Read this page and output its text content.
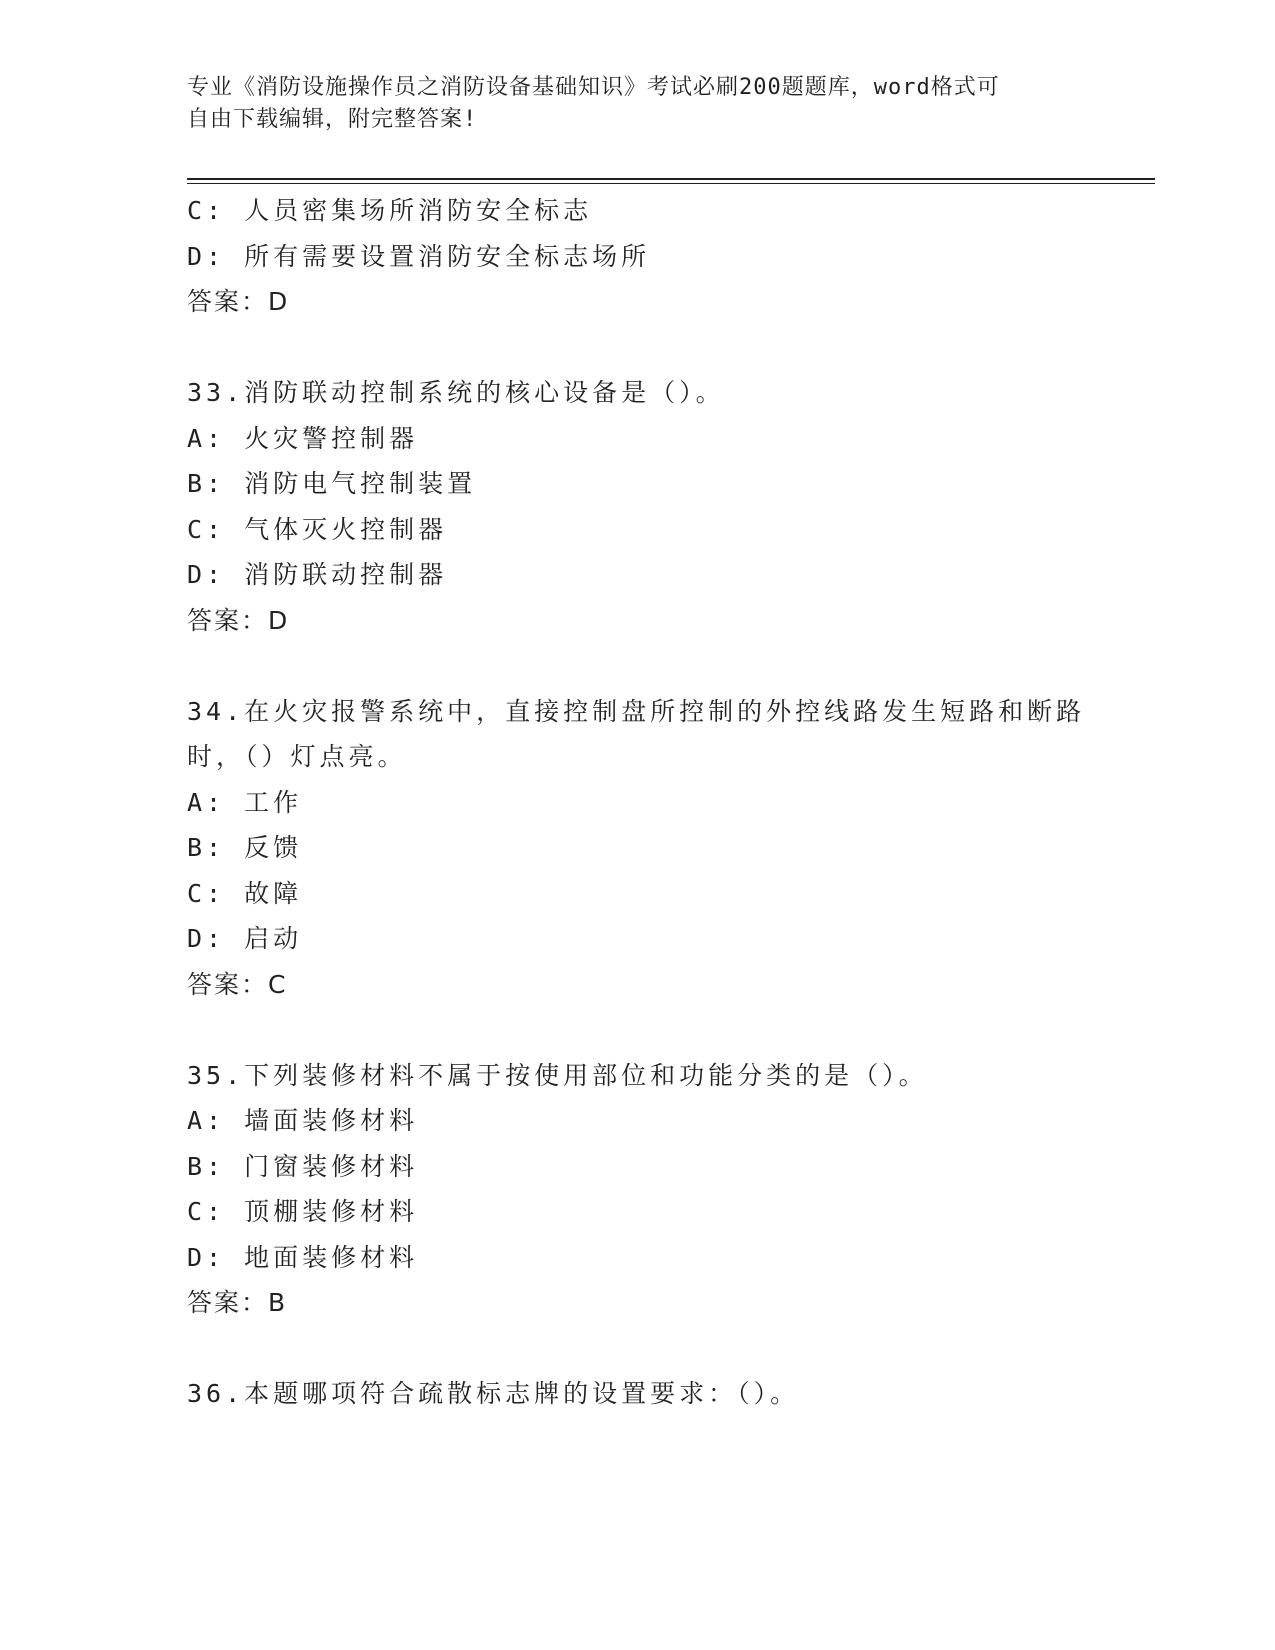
专业《消防设施操作员之消防设备基础知识》考试必刷200题题库，word格式可
自由下载编辑，附完整答案!
C: 人员密集场所消防安全标志
D: 所有需要设置消防安全标志场所
答案：D
33.消防联动控制系统的核心设备是（）。
A: 火灾警控制器
B: 消防电气控制装置
C: 气体灭火控制器
D: 消防联动控制器
答案：D
34.在火灾报警系统中，直接控制盘所控制的外控线路发生短路和断路
时，（）灯点亮。
A: 工作
B: 反馈
C: 故障
D: 启动
答案：C
35.下列装修材料不属于按使用部位和功能分类的是（）。
A: 墙面装修材料
B: 门窗装修材料
C: 顶棚装修材料
D: 地面装修材料
答案：B
36.本题哪项符合疏散标志牌的设置要求：（）。
